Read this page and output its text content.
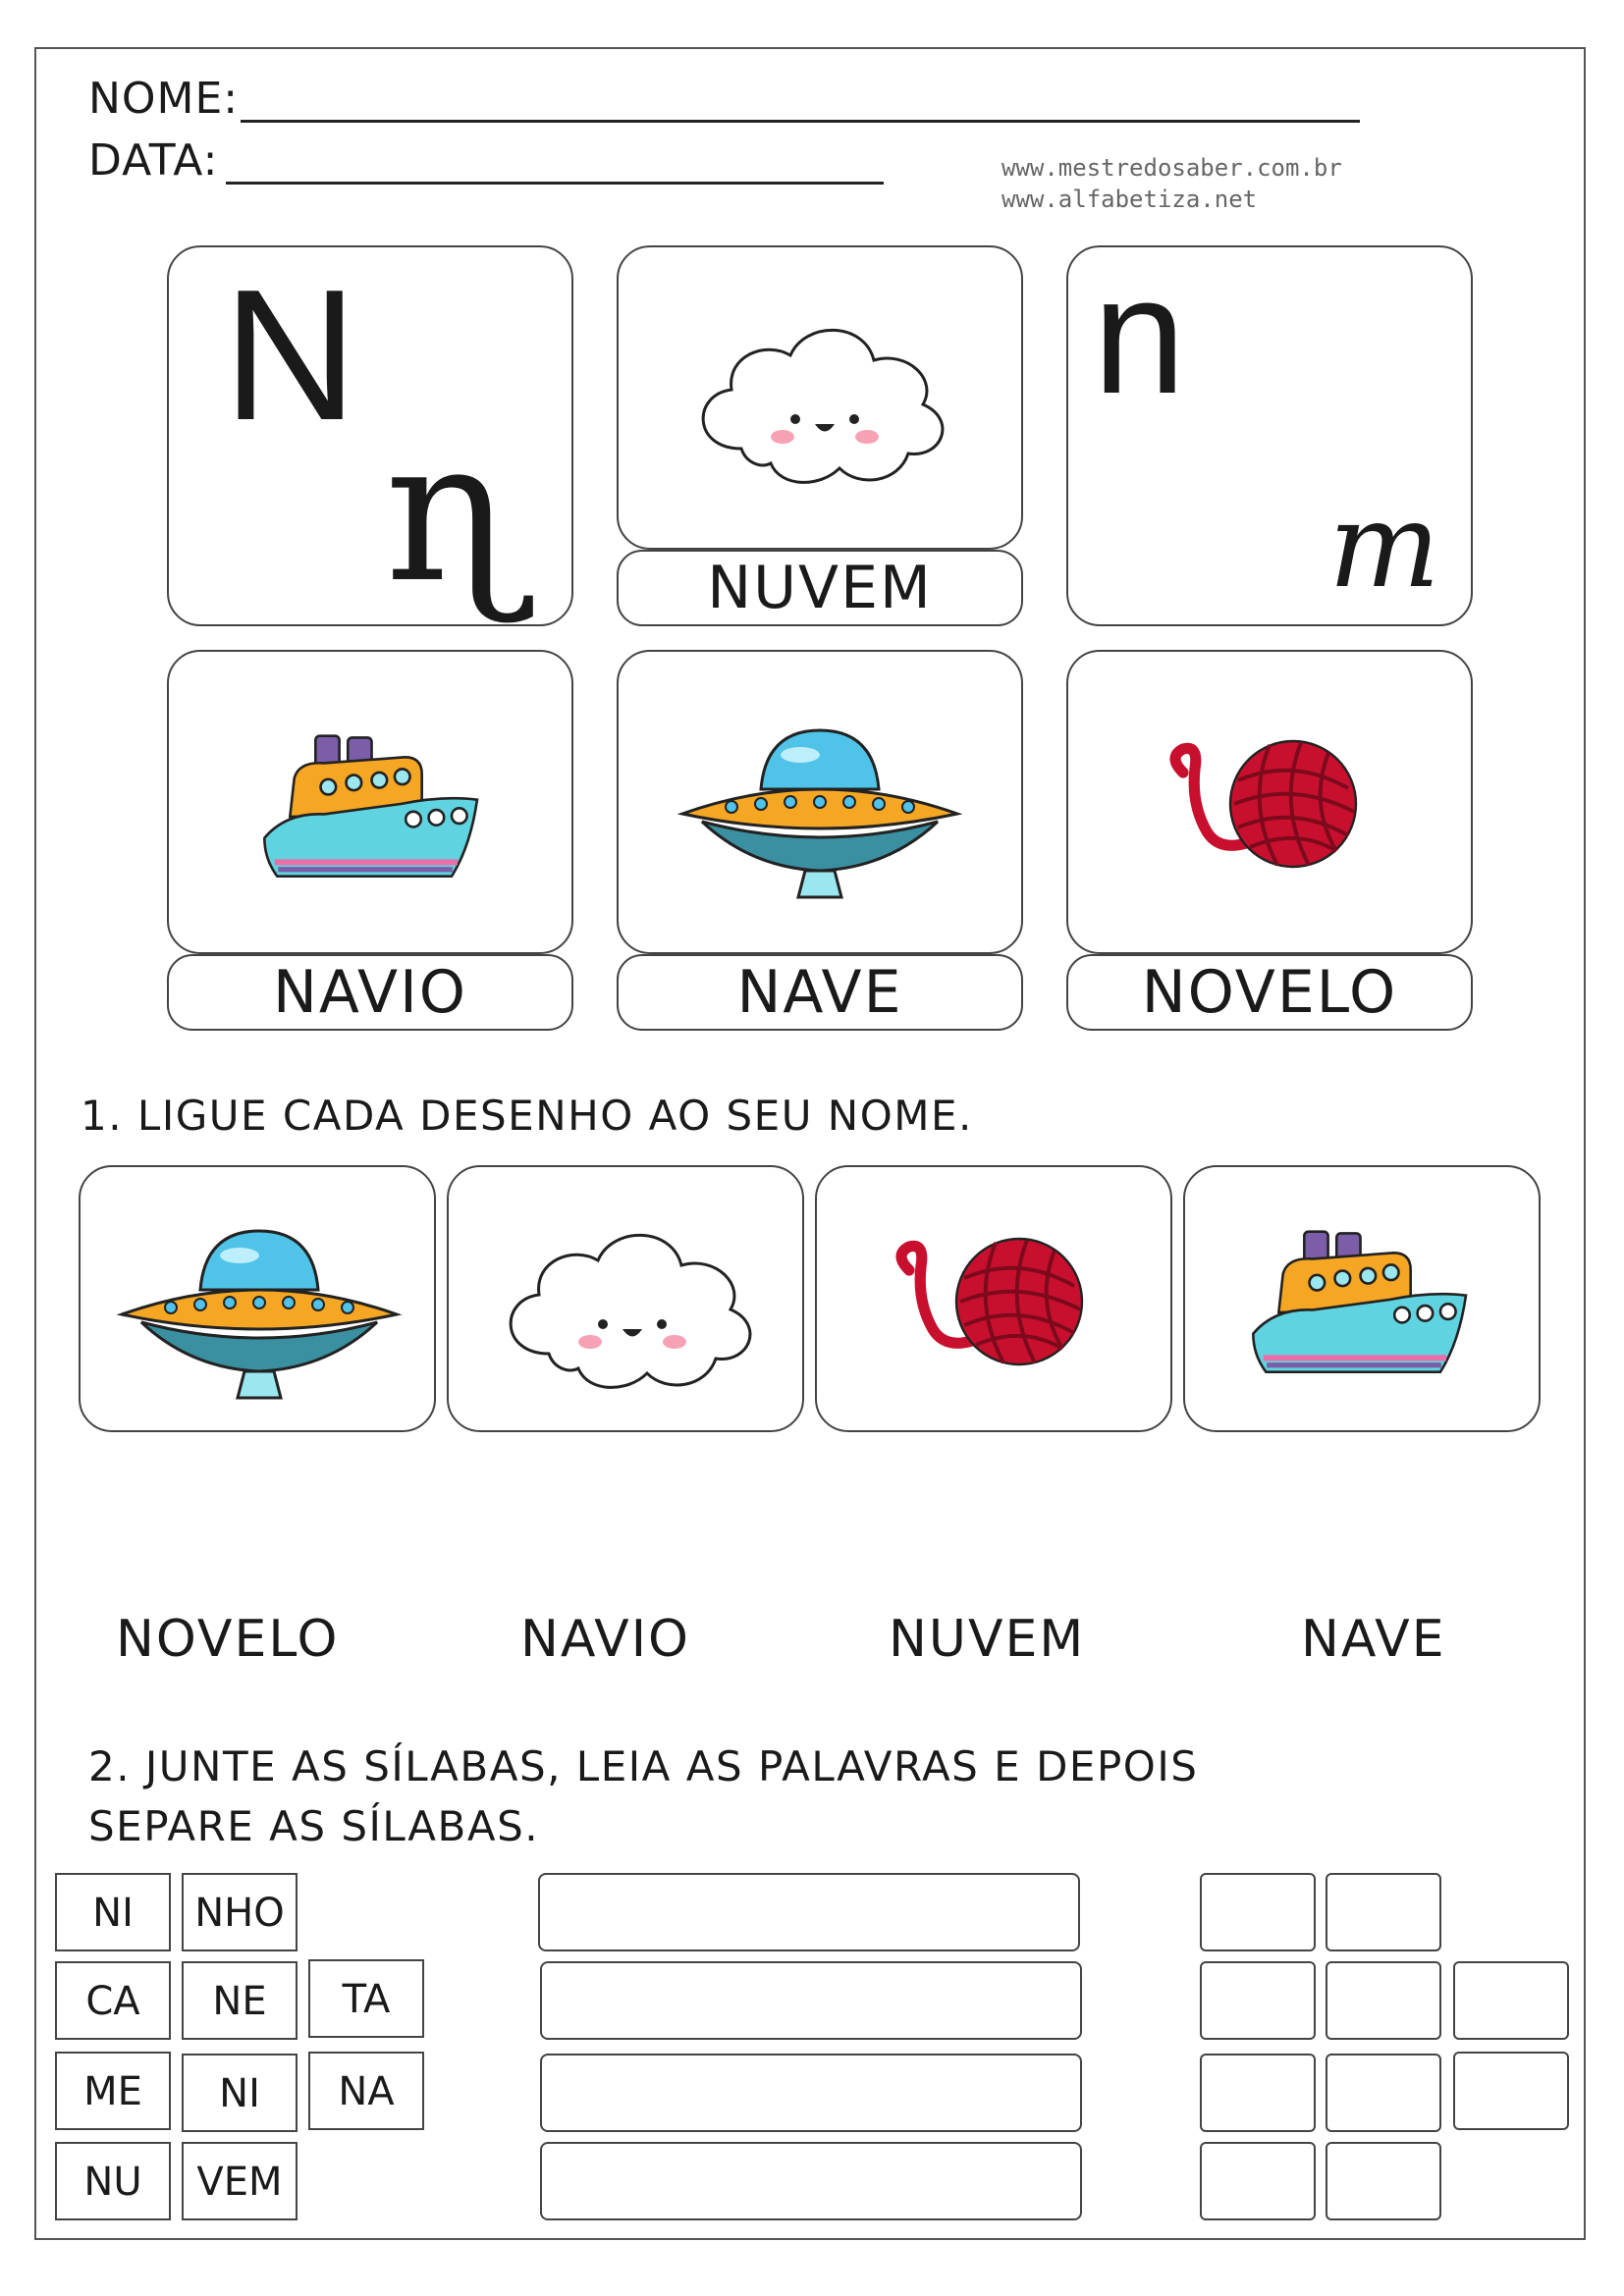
NOME:
DATA:	www.mestredosaber.com.br
www.alfabetiza.net
N
ɳ	NUVEM
n
m
NAVIO	NAVE	NOVELO
1. LIGUE CADA DESENHO AO SEU NOME.
NOVELO	NAVIO	NUVEM	NAVE
2. JUNTE AS SÍLABAS, LEIA AS PALAVRAS E DEPOIS
SEPARE AS SÍLABAS.
NI	NHO
CA	NE	TA
ME	NI	NA
NU	VEM
